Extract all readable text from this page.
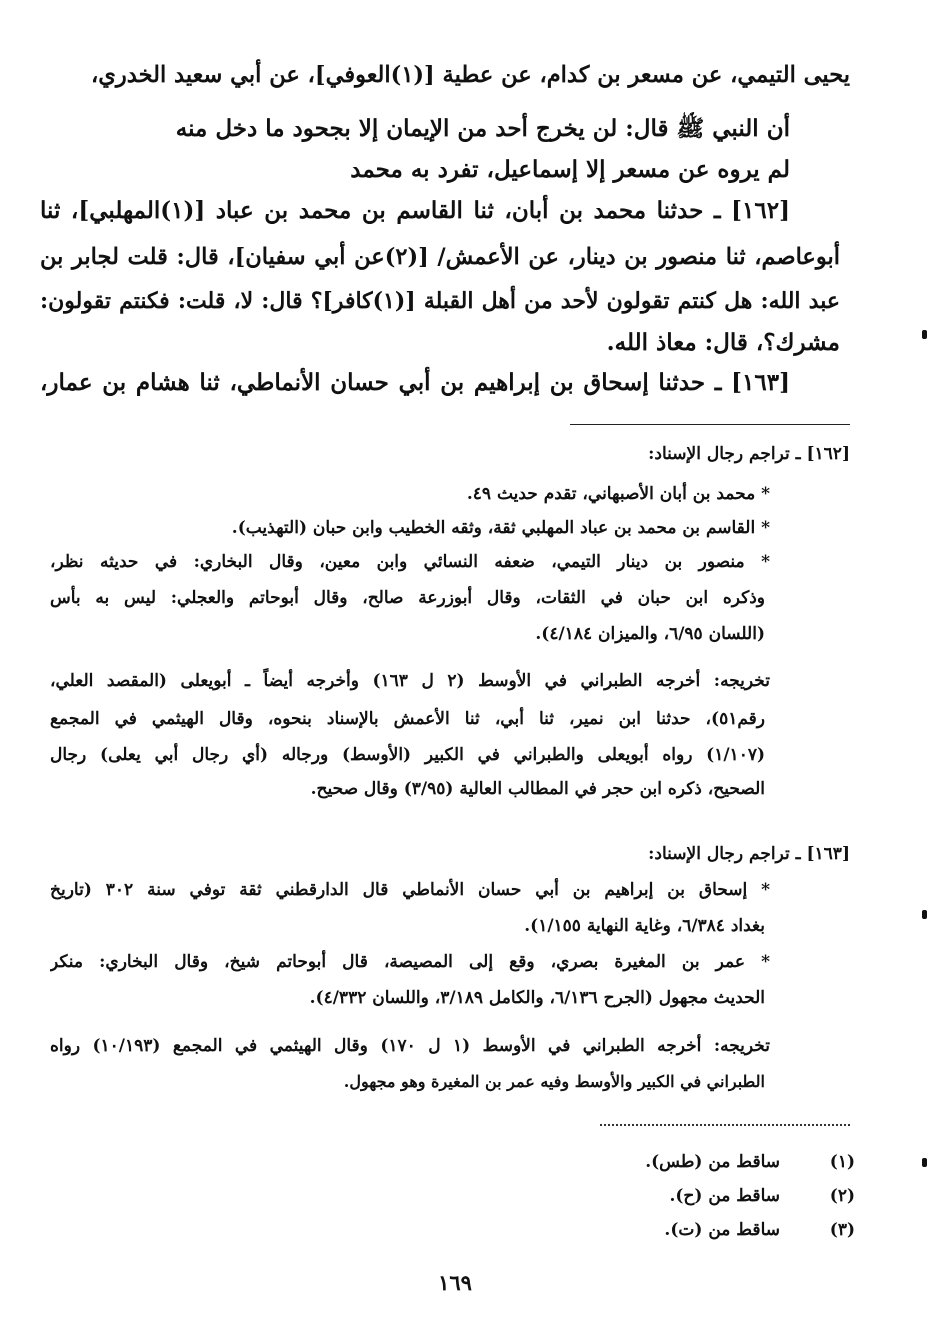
يحيى التيمي، عن مسعر بن كدام، عن عطية [(١)العوفي]، عن أبي سعيد الخدري،
أن النبي ﷺ قال: لن يخرج أحد من الإيمان إلا بجحود ما دخل منه
لم يروه عن مسعر إلا إسماعيل، تفرد به محمد
[١٦٢] ـ حدثنا محمد بن أبان، ثنا القاسم بن محمد بن عباد [(١)المهلبي]، ثنا
أبوعاصم، ثنا منصور بن دينار، عن الأعمش/ [(٢)عن أبي سفيان]، قال: قلت لجابر بن
عبد الله: هل كنتم تقولون لأحد من أهل القبلة [(١)كافر]؟ قال: لا، قلت: فكنتم تقولون:
مشرك؟، قال: معاذ الله.
[١٦٣] ـ حدثنا إسحاق بن إبراهيم بن أبي حسان الأنماطي، ثنا هشام بن عمار،
[١٦٢] ـ تراجم رجال الإسناد:
* محمد بن أبان الأصبهاني، تقدم حديث ٤٩.
* القاسم بن محمد بن عباد المهلبي ثقة، وثقه الخطيب وابن حبان (التهذيب).
* منصور بن دينار التيمي، ضعفه النسائي وابن معين، وقال البخاري: في حديثه نظر،
وذكره ابن حبان في الثقات، وقال أبوزرعة صالح، وقال أبوحاتم والعجلي: ليس به بأس
(اللسان ٦/٩٥، والميزان ٤/١٨٤).
تخريجه: أخرجه الطبراني في الأوسط (٢ ل ١٦٣) وأخرجه أيضاً ـ أبويعلى (المقصد العلي،
رقم٥١)، حدثنا ابن نمير، ثنا أبي، ثنا الأعمش بالإسناد بنحوه، وقال الهيثمي في المجمع
(١/١٠٧) رواه أبويعلى والطبراني في الكبير (الأوسط) ورجاله (أي رجال أبي يعلى) رجال
الصحيح، ذكره ابن حجر في المطالب العالية (٣/٩٥) وقال صحيح.
[١٦٣] ـ تراجم رجال الإسناد:
* إسحاق بن إبراهيم بن أبي حسان الأنماطي قال الدارقطني ثقة توفي سنة ٣٠٢ (تاريخ
بغداد ٦/٣٨٤، وغاية النهاية ١/١٥٥).
* عمر بن المغيرة بصري، وقع إلى المصيصة، قال أبوحاتم شيخ، وقال البخاري: منكر
الحديث مجهول (الجرح ٦/١٣٦، والكامل ٣/١٨٩، واللسان ٤/٣٣٢).
تخريجه: أخرجه الطبراني في الأوسط (١ ل ١٧٠) وقال الهيثمي في المجمع (١٠/١٩٣) رواه
الطبراني في الكبير والأوسط وفيه عمر بن المغيرة وهو مجهول.
(١)
ساقط من (طس).
(٢)
ساقط من (ح).
(٣)
ساقط من (ت).
١٦٩
